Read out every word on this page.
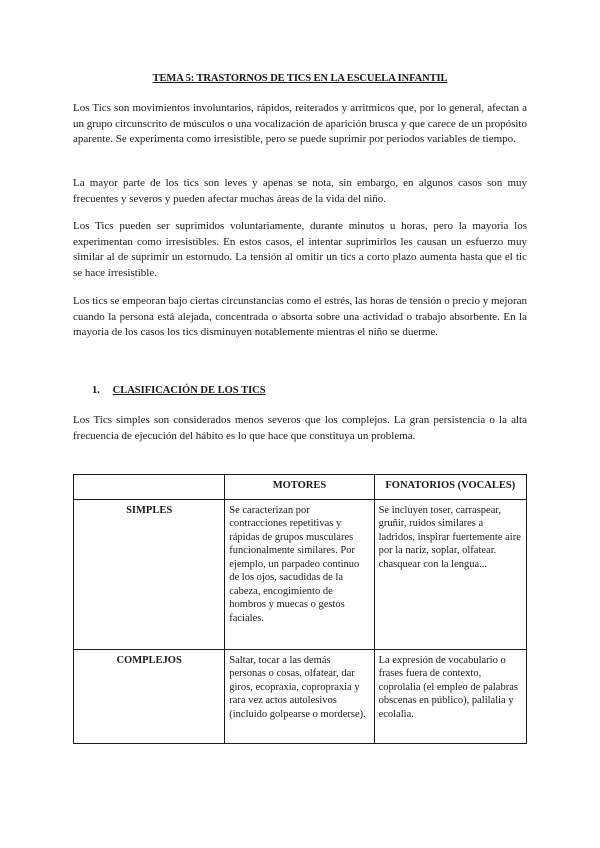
TEMA 5: TRASTORNOS DE TICS EN LA ESCUELA INFANTIL

Los Tics son movimientos involuntarios, rápidos, reiterados y arritmicos que, por lo general, afectan a un grupo circunscrito de músculos o una vocalización de aparición brusca y que carece de un propósito aparente. Se experimenta como irresistible, pero se puede suprimir por periodos variables de tiempo.

La mayor parte de los tics son leves y apenas se nota, sin embargo, en algunos casos son muy frecuentes y severos y pueden afectar muchas áreas de la vida del niño.

Los Tics pueden ser suprimidos voluntariamente, durante minutos u horas, pero la mayoria los experimentan como irresistibles. En estos casos, el intentar suprimirlos les causan un esfuerzo muy similar al de suprimir un estornudo. La tensión al omitir un tics a corto plazo aumenta hasta que el tic se hace irresistible.

Los tics se empeoran bajo ciertas circunstancias como el estrés, las horas de tensión o precio y mejoran cuando la persona está alejada, concentrada o absorta sobre una actividad o trabajo absorbente. En la mayoria de los casos los tics disminuyen notablemente mientras el niño se duerme.

1. CLASIFICACIÓN DE LOS TICS

Los Tics simples son considerados menos severos que los complejos. La gran persistencia o la alta frecuencia de ejecución del hábito es lo que hace que constituya un problema.

	MOTORES	FONATORIOS (VOCALES)
SIMPLES	Se caracterizan por contracciones repetitivas y rápidas de grupos musculares funcionalmente similares. Por ejemplo, un parpadeo continuo de los ojos, sacudidas de la cabeza, encogimiento de hombros y muecas o gestos faciales.	Se incluyen toser, carraspear, gruñir, ruidos similares a ladridos, inspirar fuertemente aire por la nariz, soplar, olfatear. chasquear con la lengua...
COMPLEJOS	Saltar, tocar a las demás personas o cosas, olfatear, dar giros, ecopraxia, copropraxia y rara vez actos autolesivos (incluido golpearse o morderse).	La expresión de vocabulario o frases fuera de contexto, coprolalia (el empleo de palabras obscenas en público), palilalia y ecolalia.
